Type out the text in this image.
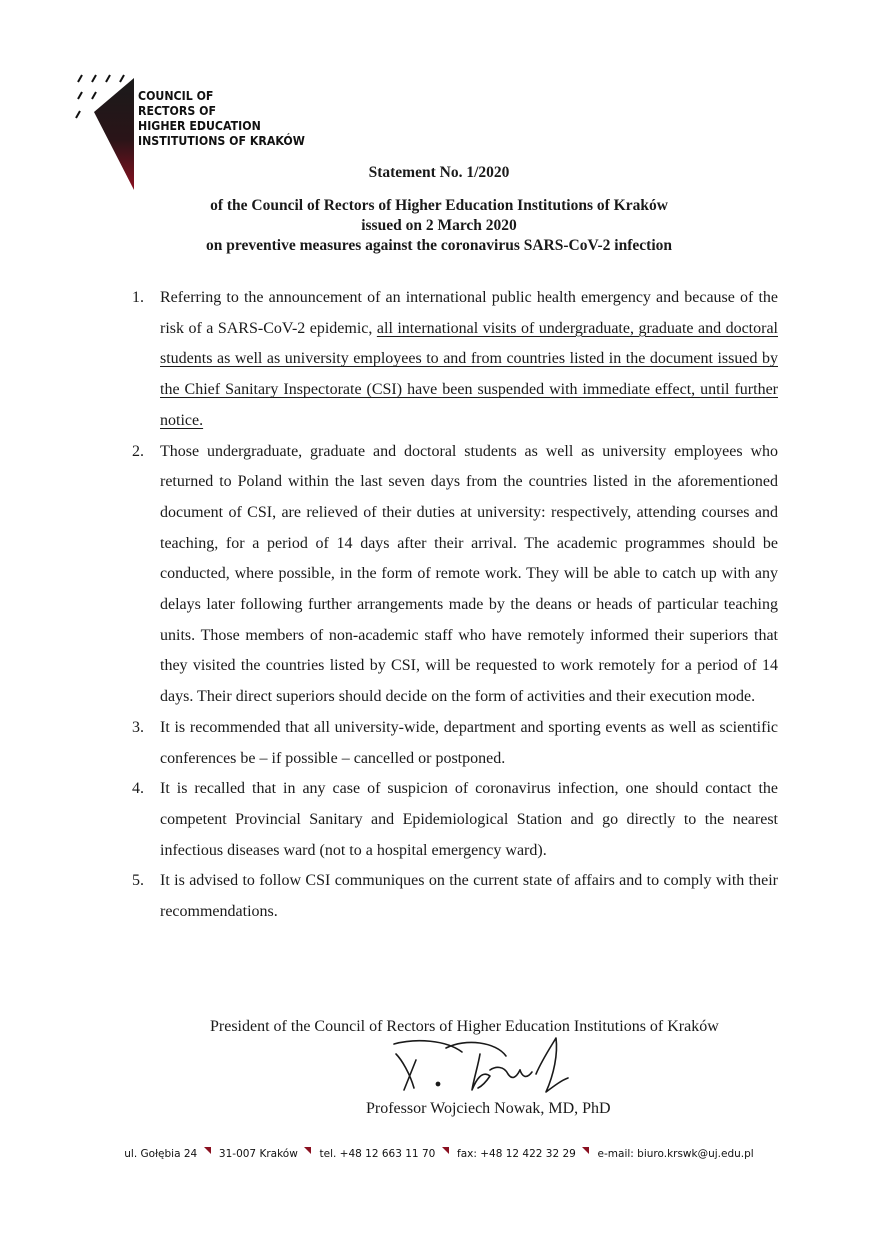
COUNCIL OF
RECTORS OF
HIGHER EDUCATION
INSTITUTIONS OF KRAKÓW
Statement No. 1/2020
of the Council of Rectors of Higher Education Institutions of Kraków
issued on 2 March 2020
on preventive measures against the coronavirus SARS-CoV-2 infection
1. Referring to the announcement of an international public health emergency and because of the risk of a SARS-CoV-2 epidemic, all international visits of undergraduate, graduate and doctoral students as well as university employees to and from countries listed in the document issued by the Chief Sanitary Inspectorate (CSI) have been suspended with immediate effect, until further notice.
2. Those undergraduate, graduate and doctoral students as well as university employees who returned to Poland within the last seven days from the countries listed in the aforementioned document of CSI, are relieved of their duties at university: respectively, attending courses and teaching, for a period of 14 days after their arrival. The academic programmes should be conducted, where possible, in the form of remote work. They will be able to catch up with any delays later following further arrangements made by the deans or heads of particular teaching units. Those members of non-academic staff who have remotely informed their superiors that they visited the countries listed by CSI, will be requested to work remotely for a period of 14 days. Their direct superiors should decide on the form of activities and their execution mode.
3. It is recommended that all university-wide, department and sporting events as well as scientific conferences be – if possible – cancelled or postponed.
4. It is recalled that in any case of suspicion of coronavirus infection, one should contact the competent Provincial Sanitary and Epidemiological Station and go directly to the nearest infectious diseases ward (not to a hospital emergency ward).
5. It is advised to follow CSI communiques on the current state of affairs and to comply with their recommendations.
President of the Council of Rectors of Higher Education Institutions of Kraków
Professor Wojciech Nowak, MD, PhD
ul. Gołębia 24 31-007 Kraków tel. +48 12 663 11 70 fax: +48 12 422 32 29 e-mail: biuro.krswk@uj.edu.pl
